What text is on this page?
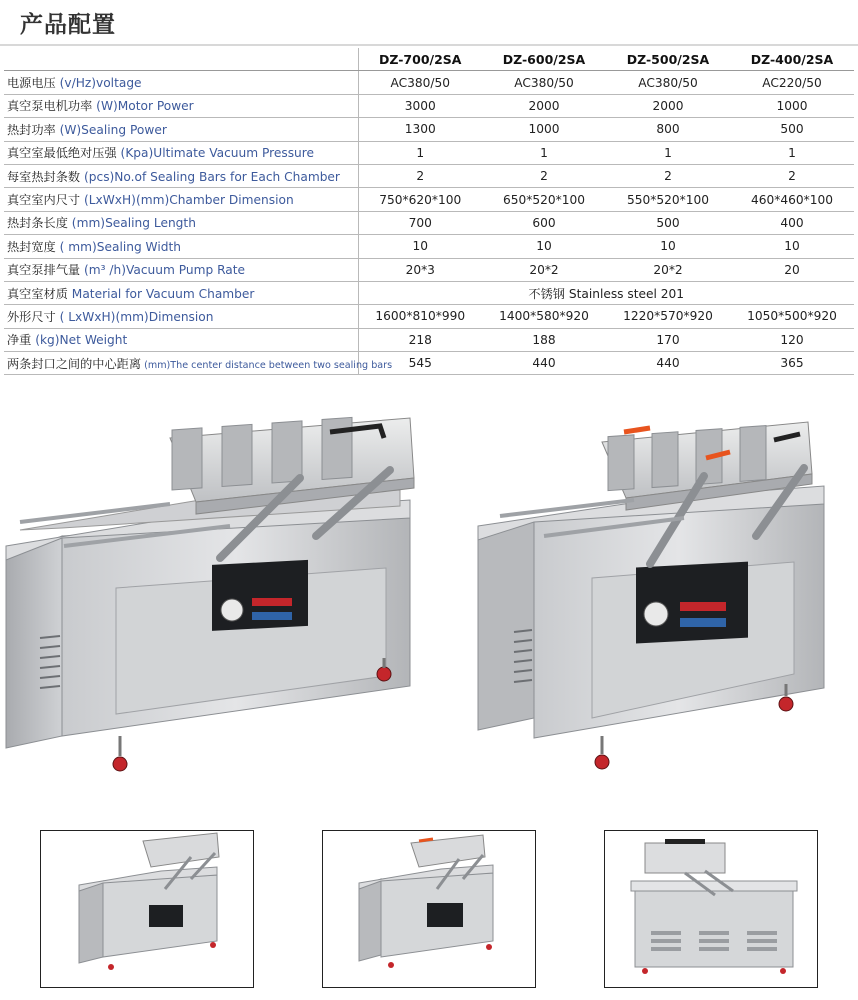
产品配置
	DZ-700/2SA	DZ-600/2SA	DZ-500/2SA	DZ-400/2SA
电源电压 (v/Hz)voltage	AC380/50	AC380/50	AC380/50	AC220/50
真空泵电机功率 (W)Motor Power	3000	2000	2000	1000
热封功率 (W)Sealing Power	1300	1000	800	500
真空室最低绝对压强 (Kpa)Ultimate Vacuum Pressure	1	1	1	1
每室热封条数 (pcs)No.of Sealing Bars for Each Chamber	2	2	2	2
真空室内尺寸 (LxWxH)(mm)Chamber Dimension	750*620*100	650*520*100	550*520*100	460*460*100
热封条长度 (mm)Sealing Length	700	600	500	400
热封宽度 ( mm)Sealing Width	10	10	10	10
真空泵排气量 (m³ /h)Vacuum Pump Rate	20*3	20*2	20*2	20
真空室材质 Material for Vacuum Chamber	不锈钢 Stainless steel 201			
外形尺寸 ( LxWxH)(mm)Dimension	1600*810*990	1400*580*920	1220*570*920	1050*500*920
净重 (kg)Net Weight	218	188	170	120
两条封口之间的中心距离 (mm)The center distance between two sealing bars	545	440	440	365
